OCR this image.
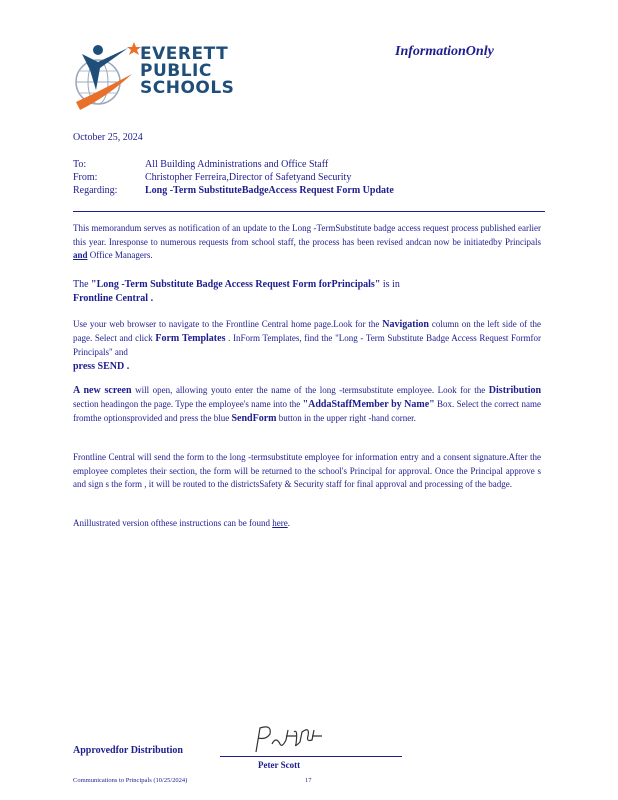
EVERETT
PUBLIC
SCHOOLS
InformationOnly
October 25, 2024
To:	All Building Administrations and Office Staff
From:	Christopher Ferreira,Director of Safetyand Security
Regarding:	Long -Term SubstituteBadgeAccess Request Form Update
This memorandum serves as notification of an update to the Long -TermSubstitute badge access request process published earlier this year. Inresponse to numerous requests from school staff, the process has been revised andcan now be initiatedby Principals and Office Managers.
The "Long -Term Substitute Badge Access Request Form forPrincipals" is in
Frontline Central .
Use your web browser to navigate to the Frontline Central home page.Look for the Navigation column on the left side of the page. Select and click Form Templates . InForm Templates, find the "Long - Term Substitute Badge Access Request Formfor Principals" and
press SEND .
A new screen will open, allowing youto enter the name of the long -termsubstitute employee. Look for the Distribution section headingon the page. Type the employee's name into the "AddaStaffMember by Name" Box. Select the correct name fromthe optionsprovided and press the blue SendForm button in the upper right -hand corner.
Frontline Central will send the form to the long -termsubstitute employee for information entry and a consent signature.After the employee completes their section, the form will be returned to the school's Principal for approval. Once the Principal approve s and sign s the form , it will be routed to the districtsSafety & Security staff for final approval and processing of the badge.
Anillustrated version ofthese instructions can be found here.
Approvedfor Distribution
Peter Scott
Communications to Principals (10/25/2024)	17
